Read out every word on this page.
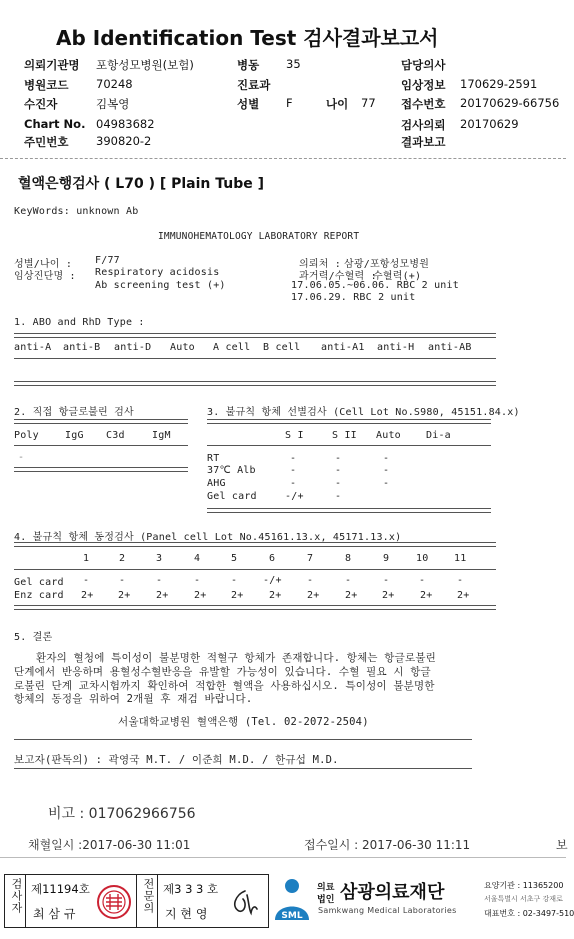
Ab Identification Test 검사결과보고서
의뢰기관명 포항성모병원(보험)	병동 35	담당의사
병원코드 70248	진료과	임상정보 170629-2591
수진자	김복영	성별 F	나이 77 접수번호 20170629-66756
Chart No. 04983682	검사의뢰 20170629
주민번호 390820-2	결과보고
혈액은행검사 ( L70 ) [ Plain Tube ]
KeyWords: unknown Ab
IMMUNOHEMATOLOGY LABORATORY REPORT
성별/나이 : F/77
임상진단명 : Respiratory acidosis
Ab screening test (+)
의뢰처 : 삼광/포항성모병원
과거력/수혈력 :
수혈력(+)
17.06.05.~06.06. RBC 2 unit
17.06.29. RBC 2 unit
1. ABO and RhD Type :
anti-A anti-B anti-D Auto A cell B cell anti-A1 anti-H anti-AB
2. 직접 항글로불린 검사
Poly	IgG C3d	IgM
-
3. 불규칙 항체 선별검사 (Cell Lot No.S980, 45151.84.x)
S I	S II Auto	Di-a
RT	-	-	-
37℃ Alb	-	-	-
AHG	-	-	-
Gel card	-/+	-
4. 불규칙 항체 동정검사 (Panel cell Lot No.45161.13.x, 45171.13.x)
1	2	3	4	5	6	7	8	9	10	11
Gel card -	-	-	-	-	-/+	-	-	-	-	-
Enz card 2+ 2+	2+	2+ 2+	2+	2+	2+ 2+	2+ 2+
5. 결론
환자의 혈청에 특이성이 불분명한 적혈구 항체가 존재합니다. 항체는 항글로불린
단계에서 반응하며 용혈성수혈반응을 유발할 가능성이 있습니다. 수혈 필요 시 항글
로불린 단계 교차시험까지 확인하여 적합한 혈액을 사용하십시오. 특이성이 불분명한
항체의 동정을 위하여 2개월 후 재검 바랍니다.
서울대학교병원 혈액은행 (Tel. 02-2072-2504)
보고자(판독의) : 곽영국 M.T. / 이준희 M.D. / 한규섭 M.D.
비고 : 017062966756
채혈일시 :2017-06-30 11:01	접수일시 : 2017-06-30 11:11	보
검사자 제11194호
최 삼 규	전문의 제3 3 3 호
지 현 영	SML
의료
법인 삼광의료재단
Samkwang Medical Laboratories
요양기관 : 11365200
서울특별시 서초구 강재로
대표번호 : 02-3497-510
